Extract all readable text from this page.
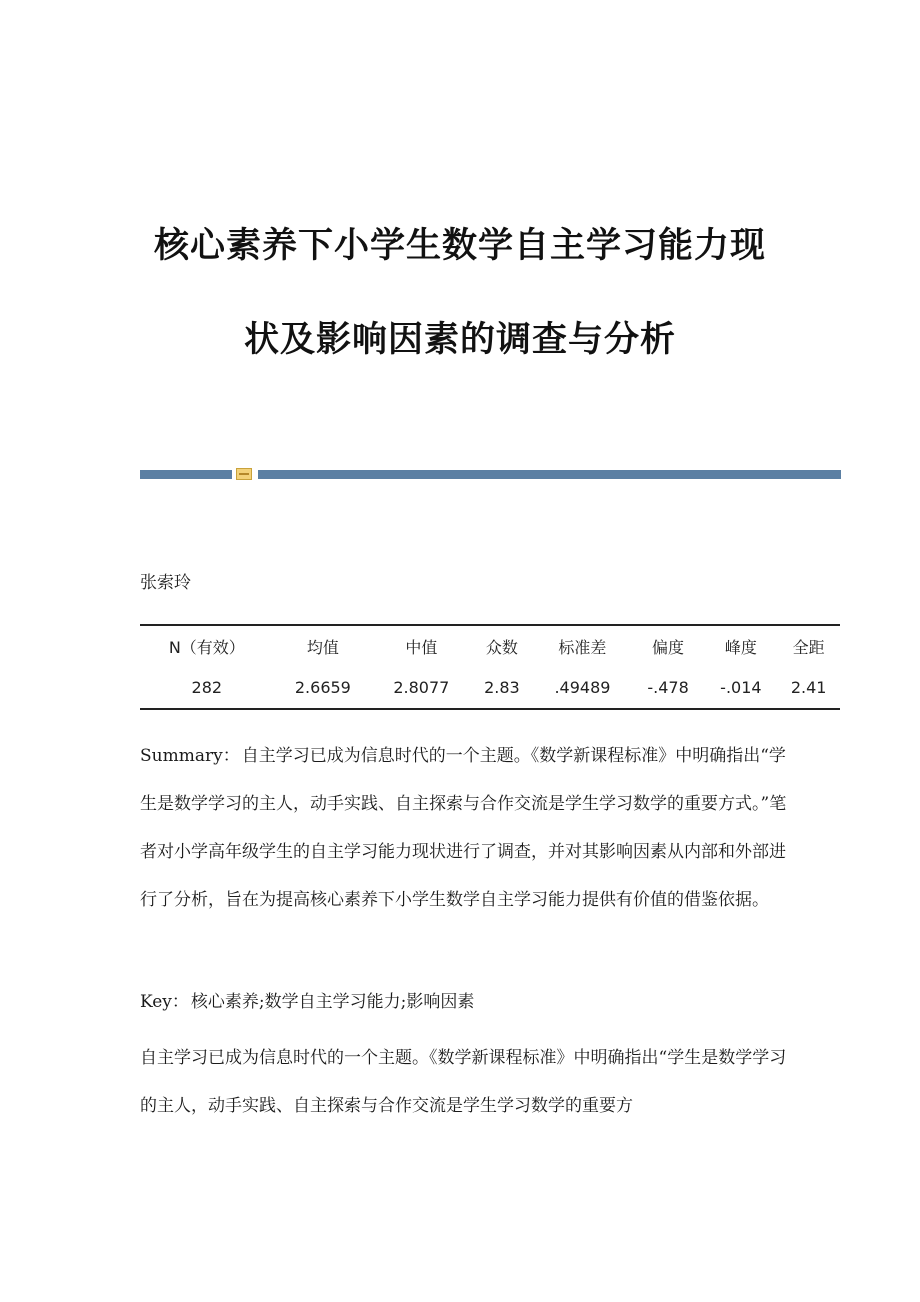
核心素养下小学生数学自主学习能力现
状及影响因素的调查与分析
张索玲
N（有效）	均值	中值	众数	标准差	偏度	峰度	全距
282	2.6659	2.8077	2.83	.49489	-.478	-.014	2.41

Summary： 自主学习已成为信息时代的一个主题。《数学新课程标准》中明确指出“学生是数学学习的主人，动手实践、自主探索与合作交流是学生学习数学的重要方式。”笔者对小学高年级学生的自主学习能力现状进行了调查，并对其影响因素从内部和外部进行了分析，旨在为提高核心素养下小学生数学自主学习能力提供有价值的借鉴依据。

Key： 核心素养;数学自主学习能力;影响因素

自主学习已成为信息时代的一个主题。《数学新课程标准》中明确指出“学生是数学学习的主人，动手实践、自主探索与合作交流是学生学习数学的重要方
